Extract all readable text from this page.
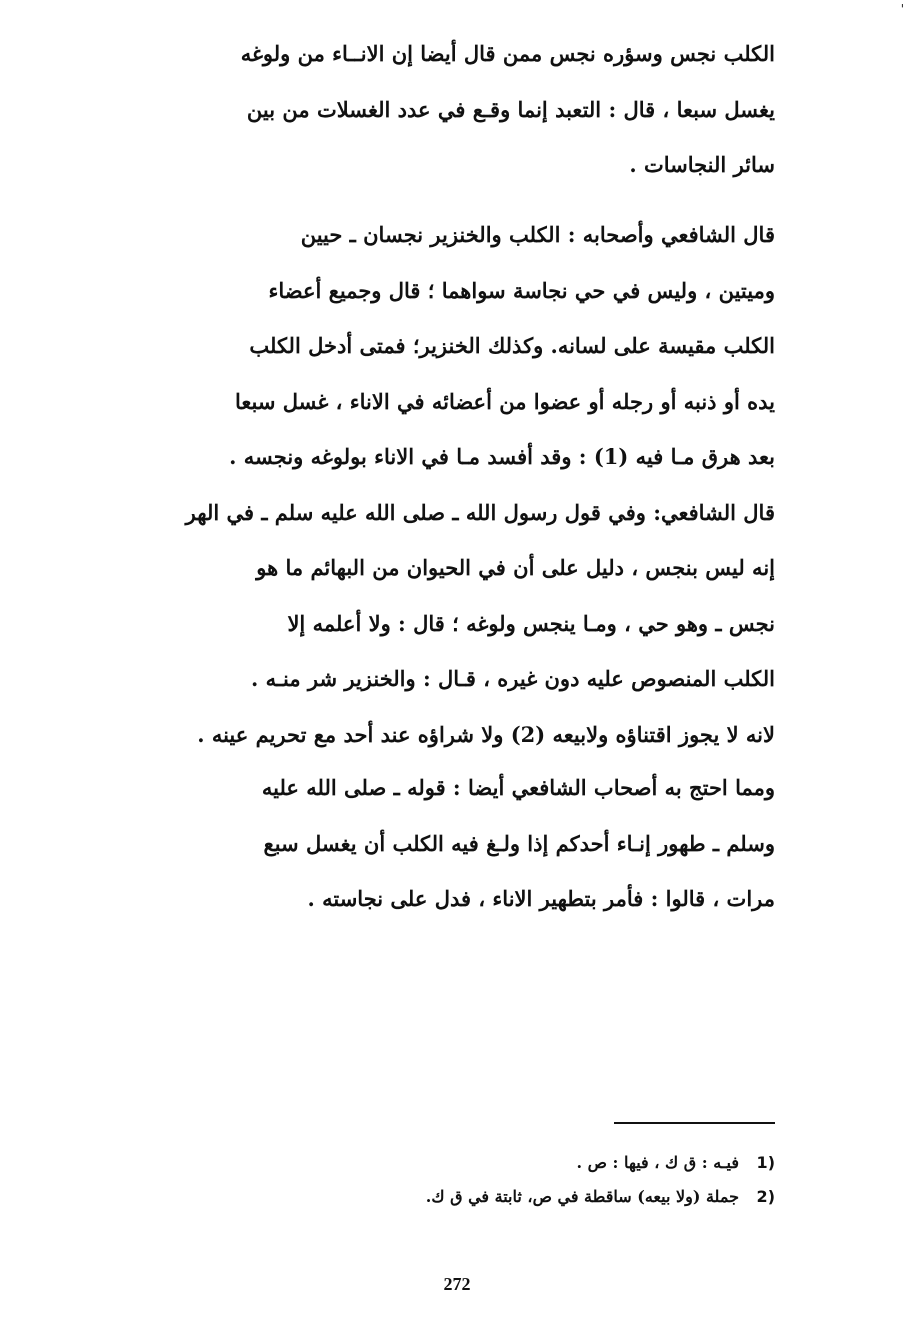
'
الكلب نجس وسؤره نجس ممن قال أيضا إن الانــاء من ولوغه
يغسل سبعا ، قال : التعبد إنما وقـع في عدد الغسلات من بين
سائر النجاسات .
قال الشافعي وأصحابه : الكلب والخنزير نجسان ـ حيين
وميتين ، وليس في حي نجاسة سواهما ؛ قال وجميع أعضاء
الكلب مقيسة على لسانه. وكذلك الخنزير؛ فمتى أدخل الكلب
يده أو ذنبه أو رجله أو عضوا من أعضائه في الاناء ، غسل سبعا
بعد هرق مـا فيه (1) : وقد أفسد مـا في الاناء بولوغه ونجسه .
قال الشافعي: وفي قول رسول الله ـ صلى الله عليه سلم ـ في الهر
إنه ليس بنجس ، دليل على أن في الحيوان من البهائم ما هو
نجس ـ وهو حي ، ومـا ينجس ولوغه ؛ قال : ولا أعلمه إلا
الكلب المنصوص عليه دون غيره ، قـال : والخنزير شر منـه .
لانه لا يجوز اقتناؤه ولابيعه (2) ولا شراؤه عند أحد مع تحريم عينه .
ومما احتج به أصحاب الشافعي أيضا : قوله ـ صلى الله عليه
وسلم ـ طهور إنـاء أحدكم إذا ولـغ فيه الكلب أن يغسل سبع
مرات ، قالوا : فأمر بتطهير الاناء ، فدل على نجاسته .
(1 فيـه : ق ك ، فيها : ص .
(2 جملة (ولا بيعه) ساقطة في ص، ثابتة في ق ك.
272
